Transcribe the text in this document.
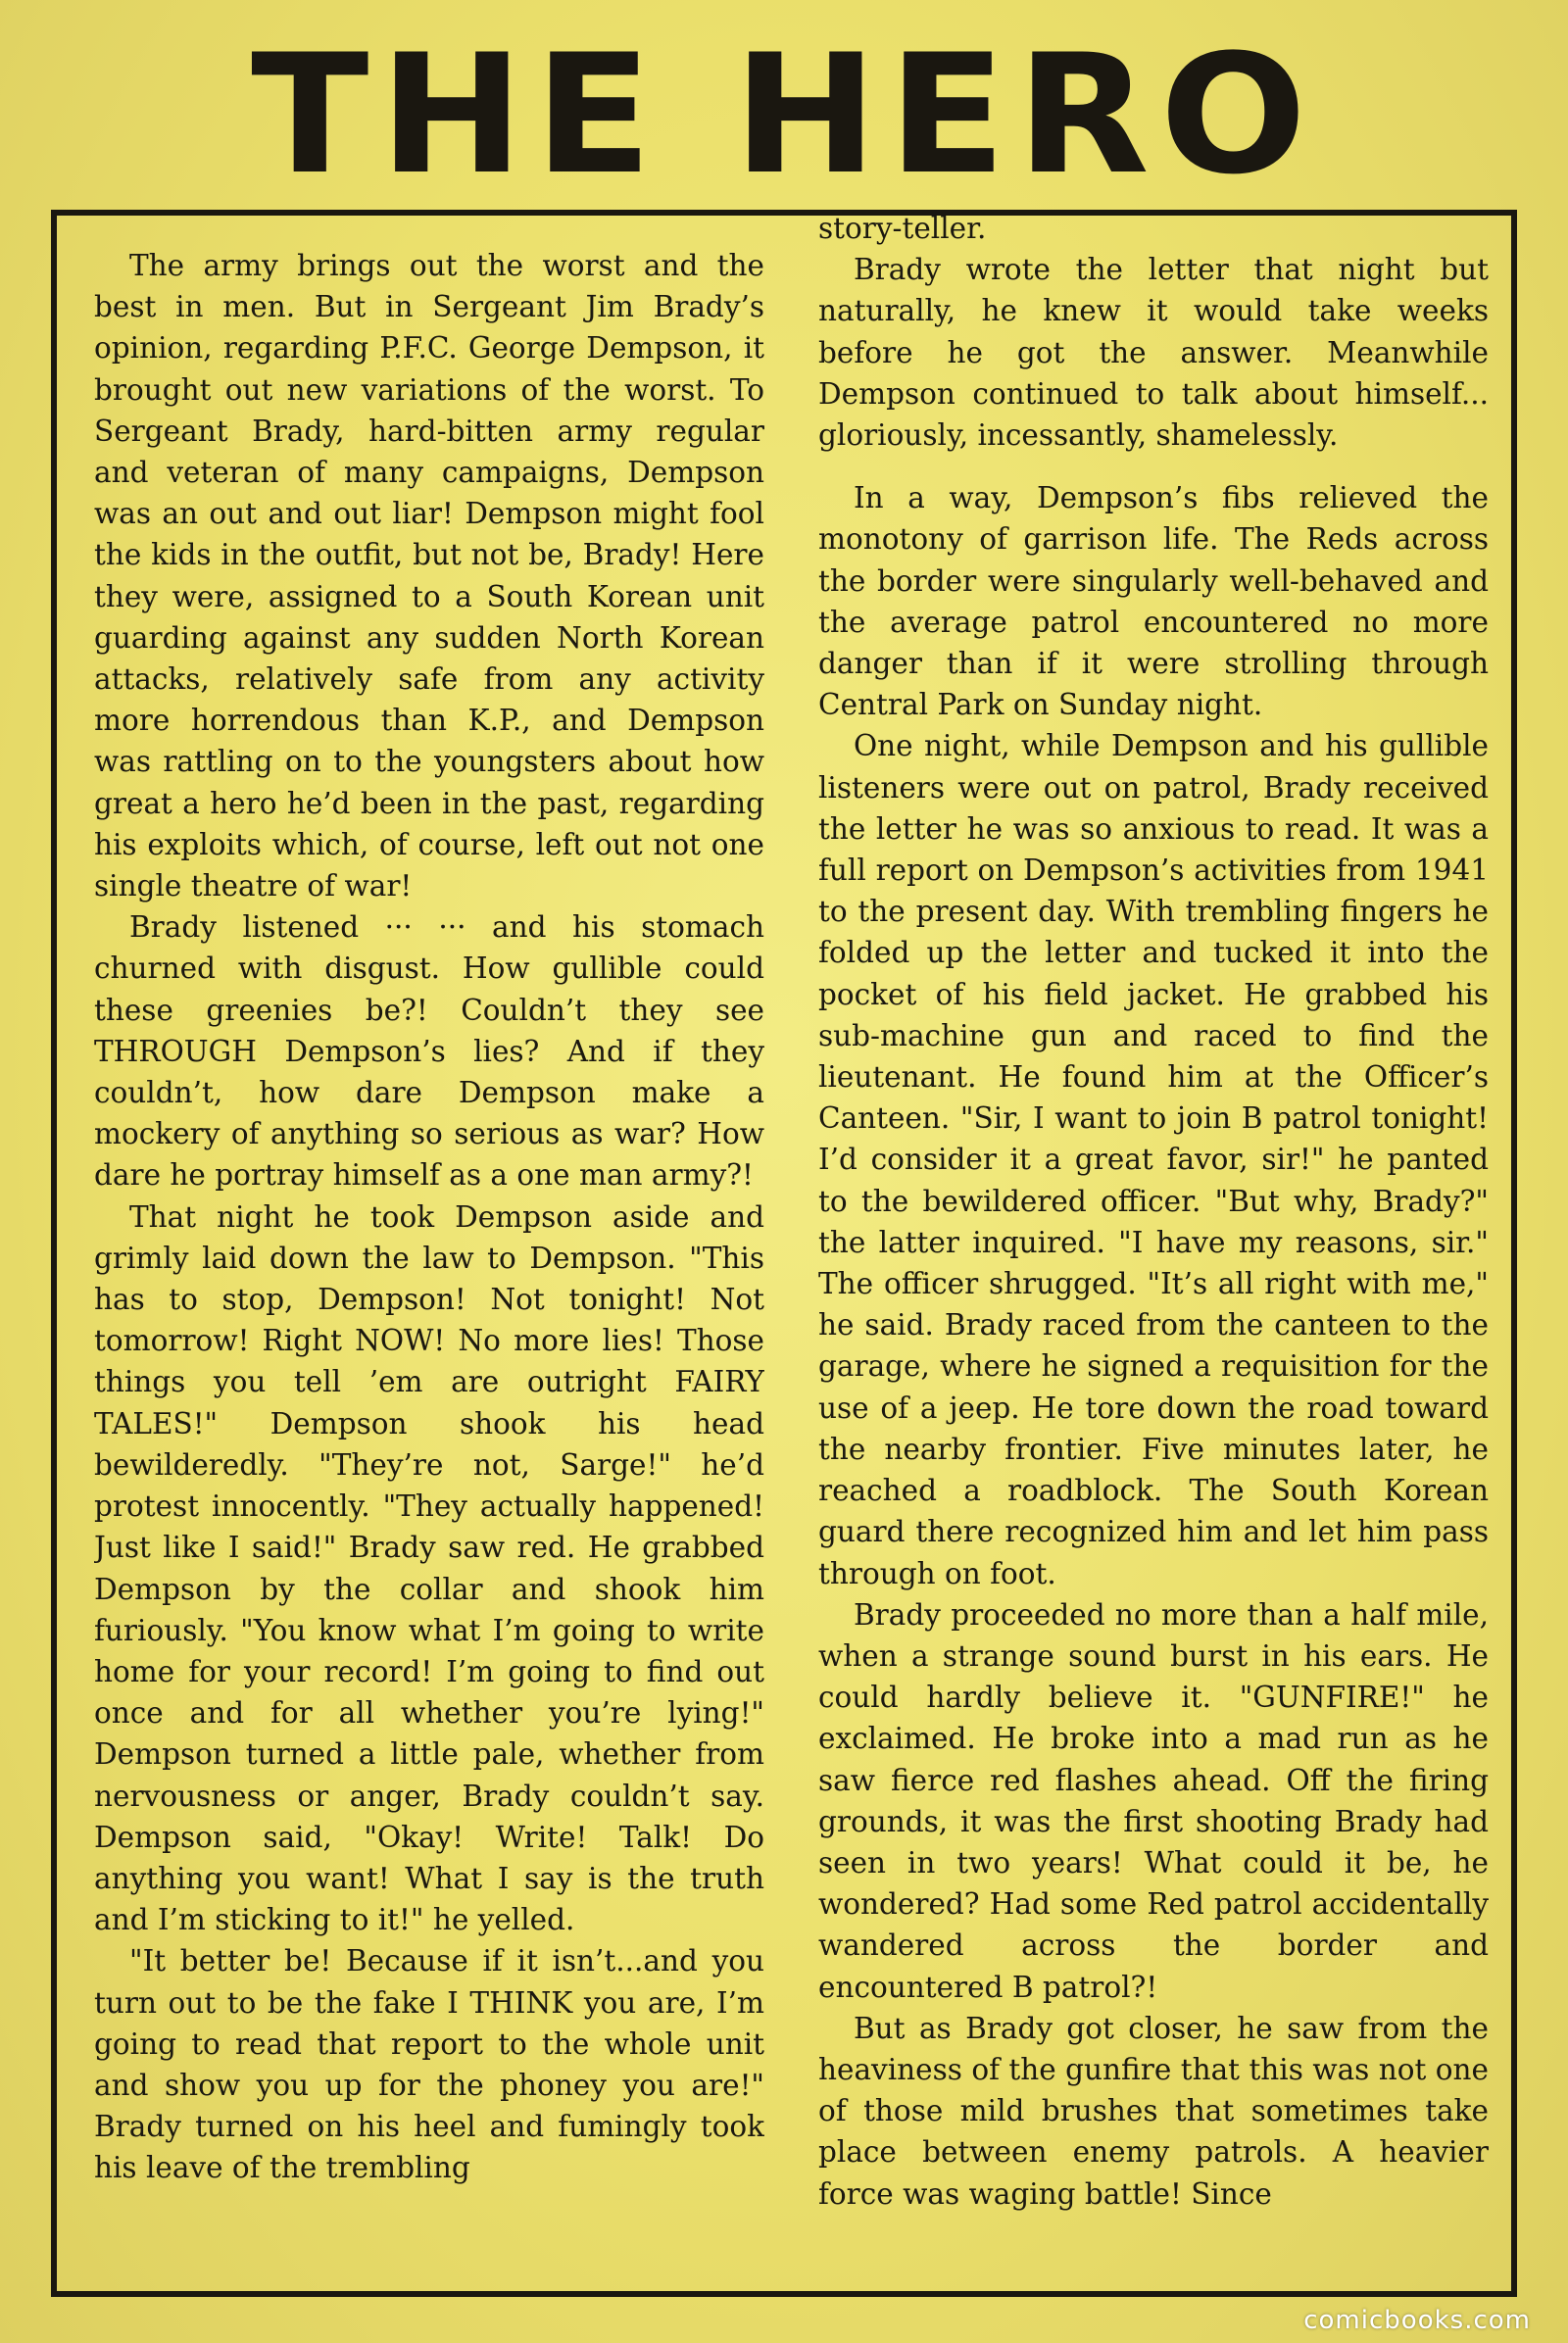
THE HERO

The army brings out the worst and the best in men. But in Sergeant Jim Brady’s opinion, regarding P.F.C. George Dempson, it brought out new variations of the worst. To Sergeant Brady, hard-bitten army regular and veteran of many campaigns, Dempson was an out and out liar! Dempson might fool the kids in the outfit, but not be, Brady! Here they were, assigned to a South Korean unit guarding against any sudden North Korean attacks, relatively safe from any activity more horrendous than K.P., and Dempson was rattling on to the youngsters about how great a hero he’d been in the past, regarding his exploits which, of course, left out not one single theatre of war!

Brady listened ··· ··· and his stomach churned with disgust. How gullible could these greenies be?! Couldn’t they see THROUGH Dempson’s lies? And if they couldn’t, how dare Dempson make a mockery of anything so serious as war? How dare he portray himself as a one man army?!

That night he took Dempson aside and grimly laid down the law to Dempson. "This has to stop, Dempson! Not tonight! Not tomorrow! Right NOW! No more lies! Those things you tell ’em are outright FAIRY TALES!" Dempson shook his head bewilderedly. "They’re not, Sarge!" he’d protest innocently. "They actually happened! Just like I said!" Brady saw red. He grabbed Dempson by the collar and shook him furiously. "You know what I’m going to write home for your record! I’m going to find out once and for all whether you’re lying!" Dempson turned a little pale, whether from nervousness or anger, Brady couldn’t say. Dempson said, "Okay! Write! Talk! Do anything you want! What I say is the truth and I’m sticking to it!" he yelled.

"It better be! Because if it isn’t...and you turn out to be the fake I THINK you are, I’m going to read that report to the whole unit and show you up for the phoney you are!" Brady turned on his heel and fumingly took his leave of the trembling

story-teller.

Brady wrote the letter that night but naturally, he knew it would take weeks before he got the answer. Meanwhile Dempson continued to talk about himself... gloriously, incessantly, shamelessly.

In a way, Dempson’s fibs relieved the monotony of garrison life. The Reds across the border were singularly well-behaved and the average patrol encountered no more danger than if it were strolling through Central Park on Sunday night.

One night, while Dempson and his gullible listeners were out on patrol, Brady received the letter he was so anxious to read. It was a full report on Dempson’s activities from 1941 to the present day. With trembling fingers he folded up the letter and tucked it into the pocket of his field jacket. He grabbed his sub-machine gun and raced to find the lieutenant. He found him at the Officer’s Canteen. "Sir, I want to join B patrol tonight! I’d consider it a great favor, sir!" he panted to the bewildered officer. "But why, Brady?" the latter inquired. "I have my reasons, sir." The officer shrugged. "It’s all right with me," he said. Brady raced from the canteen to the garage, where he signed a requisition for the use of a jeep. He tore down the road toward the nearby frontier. Five minutes later, he reached a roadblock. The South Korean guard there recognized him and let him pass through on foot.

Brady proceeded no more than a half mile, when a strange sound burst in his ears. He could hardly believe it. "GUNFIRE!" he exclaimed. He broke into a mad run as he saw fierce red flashes ahead. Off the firing grounds, it was the first shooting Brady had seen in two years! What could it be, he wondered? Had some Red patrol accidentally wandered across the border and encountered B patrol?!

But as Brady got closer, he saw from the heaviness of the gunfire that this was not one of those mild brushes that sometimes take place between enemy patrols. A heavier force was waging battle! Since

comicbooks.com
